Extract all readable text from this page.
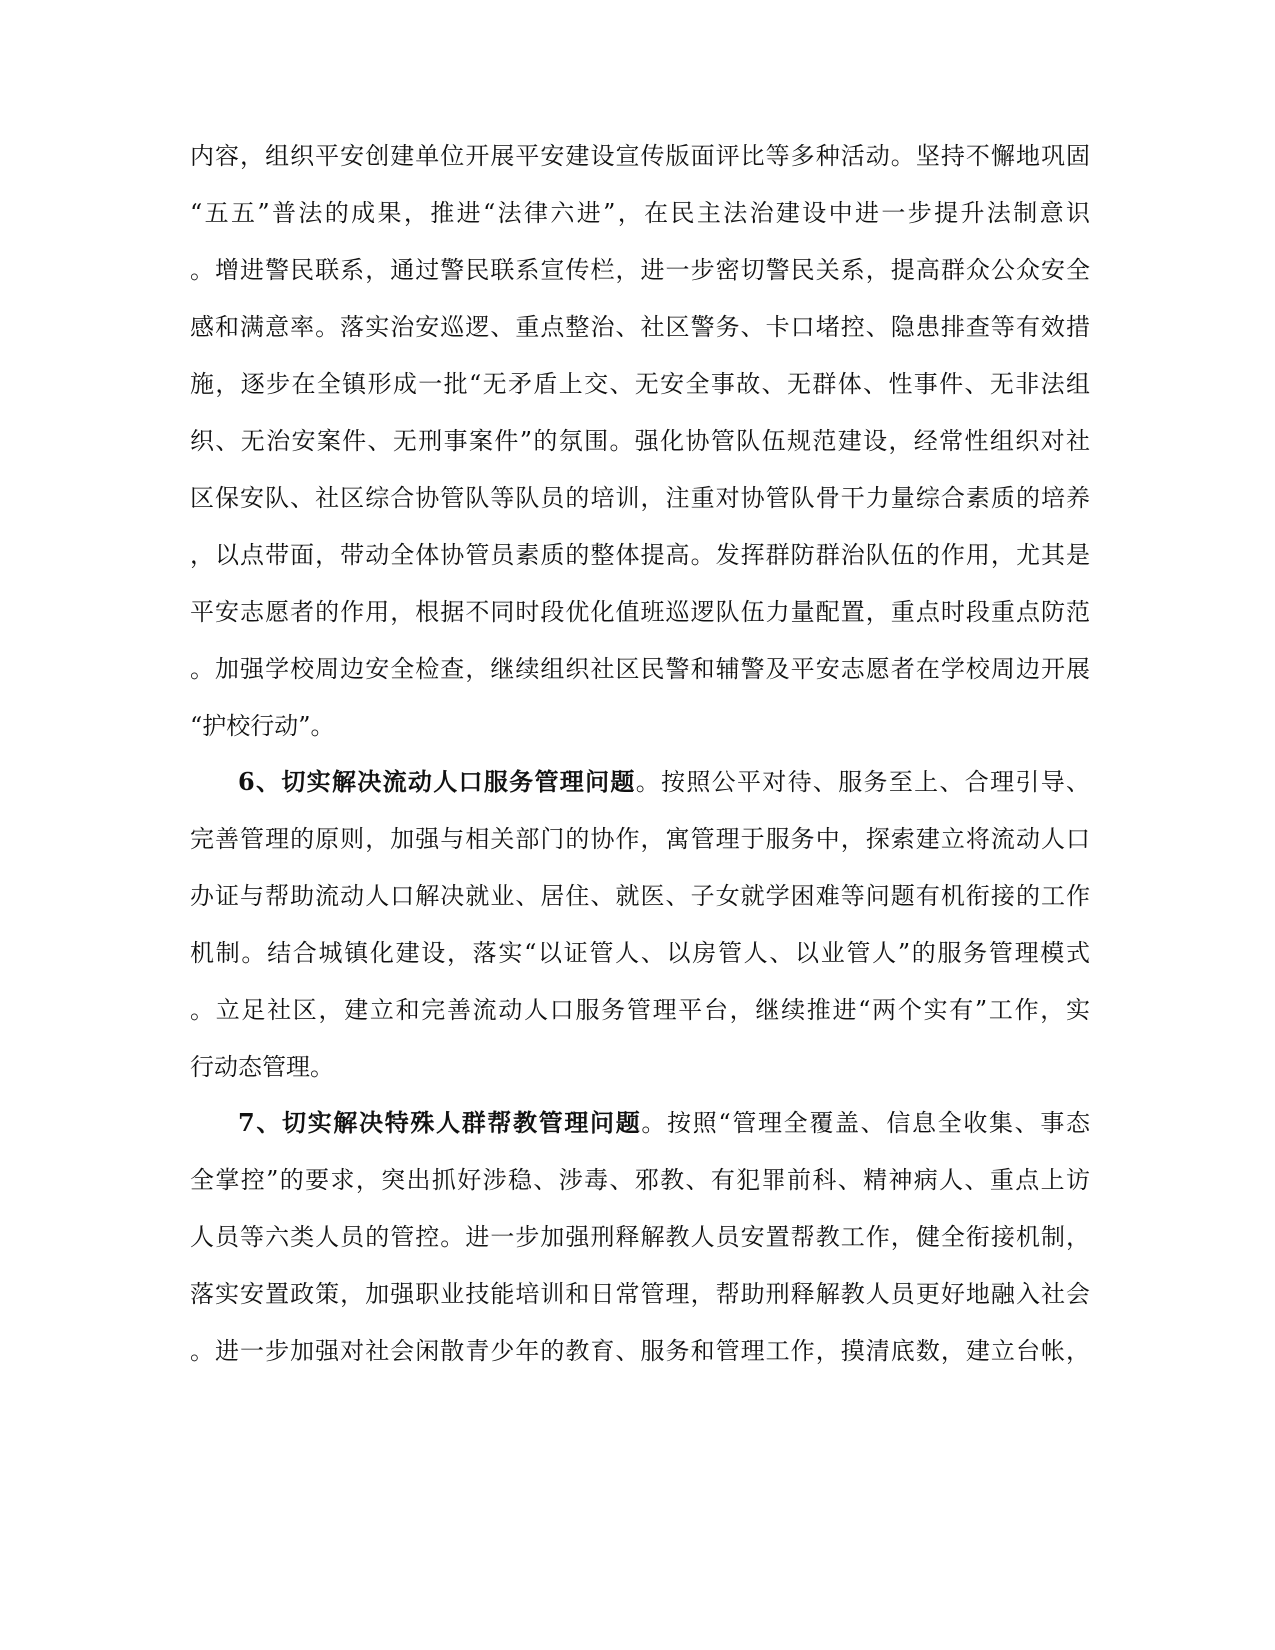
内容，组织平安创建单位开展平安建设宣传版面评比等多种活动。坚持不懈地巩固
“五五”普法的成果，推进“法律六进”，在民主法治建设中进一步提升法制意识
。增进警民联系，通过警民联系宣传栏，进一步密切警民关系，提高群众公众安全
感和满意率。落实治安巡逻、重点整治、社区警务、卡口堵控、隐患排查等有效措
施，逐步在全镇形成一批“无矛盾上交、无安全事故、无群体、性事件、无非法组
织、无治安案件、无刑事案件”的氛围。强化协管队伍规范建设，经常性组织对社
区保安队、社区综合协管队等队员的培训，注重对协管队骨干力量综合素质的培养
，以点带面，带动全体协管员素质的整体提高。发挥群防群治队伍的作用，尤其是
平安志愿者的作用，根据不同时段优化值班巡逻队伍力量配置，重点时段重点防范
。加强学校周边安全检查，继续组织社区民警和辅警及平安志愿者在学校周边开展
“护校行动”。
6、切实解决流动人口服务管理问题。按照公平对待、服务至上、合理引导、
完善管理的原则，加强与相关部门的协作，寓管理于服务中，探索建立将流动人口
办证与帮助流动人口解决就业、居住、就医、子女就学困难等问题有机衔接的工作
机制。结合城镇化建设，落实“以证管人、以房管人、以业管人”的服务管理模式
。立足社区，建立和完善流动人口服务管理平台，继续推进“两个实有”工作，实
行动态管理。
7、切实解决特殊人群帮教管理问题。按照“管理全覆盖、信息全收集、事态
全掌控”的要求，突出抓好涉稳、涉毒、邪教、有犯罪前科、精神病人、重点上访
人员等六类人员的管控。进一步加强刑释解教人员安置帮教工作，健全衔接机制，
落实安置政策，加强职业技能培训和日常管理，帮助刑释解教人员更好地融入社会
。进一步加强对社会闲散青少年的教育、服务和管理工作，摸清底数，建立台帐，
